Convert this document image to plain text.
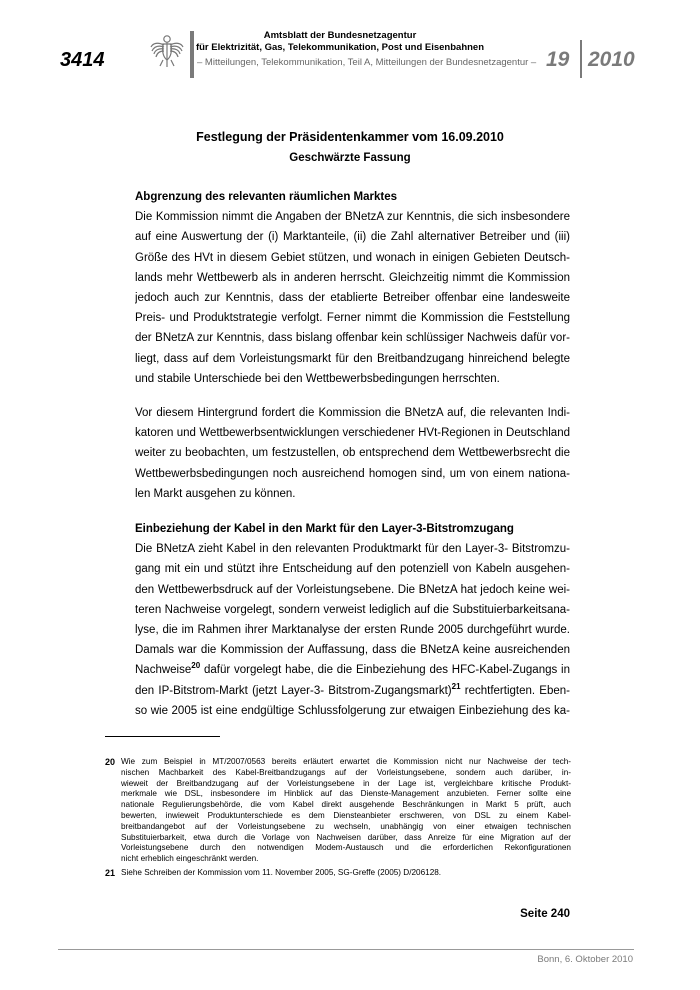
3414
Amtsblatt der Bundesnetzagentur
für Elektrizität, Gas, Telekommunikation, Post und Eisenbahnen
– Mitteilungen, Telekommunikation, Teil A, Mitteilungen der Bundesnetzagentur – 19 2010
Festlegung der Präsidentenkammer vom 16.09.2010
Geschwärzte Fassung
Abgrenzung des relevanten räumlichen Marktes
Die Kommission nimmt die Angaben der BNetzA zur Kenntnis, die sich insbesondere
auf eine Auswertung der (i) Marktanteile, (ii) die Zahl alternativer Betreiber und (iii)
Größe des HVt in diesem Gebiet stützen, und wonach in einigen Gebieten Deutsch-
lands mehr Wettbewerb als in anderen herrscht. Gleichzeitig nimmt die Kommission
jedoch auch zur Kenntnis, dass der etablierte Betreiber offenbar eine landesweite
Preis- und Produktstrategie verfolgt. Ferner nimmt die Kommission die Feststellung
der BNetzA zur Kenntnis, dass bislang offenbar kein schlüssiger Nachweis dafür vor-
liegt, dass auf dem Vorleistungsmarkt für den Breitbandzugang hinreichend belegte
und stabile Unterschiede bei den Wettbewerbsbedingungen herrschten.
Vor diesem Hintergrund fordert die Kommission die BNetzA auf, die relevanten Indi-
katoren und Wettbewerbsentwicklungen verschiedener HVt-Regionen in Deutschland
weiter zu beobachten, um festzustellen, ob entsprechend dem Wettbewerbsrecht die
Wettbewerbsbedingungen noch ausreichend homogen sind, um von einem nationa-
len Markt ausgehen zu können.
Einbeziehung der Kabel in den Markt für den Layer-3-Bitstromzugang
Die BNetzA zieht Kabel in den relevanten Produktmarkt für den Layer-3- Bitstromzu-
gang mit ein und stützt ihre Entscheidung auf den potenziell von Kabeln ausgehen-
den Wettbewerbsdruck auf der Vorleistungsebene. Die BNetzA hat jedoch keine wei-
teren Nachweise vorgelegt, sondern verweist lediglich auf die Substituierbarkeitsana-
lyse, die im Rahmen ihrer Marktanalyse der ersten Runde 2005 durchgeführt wurde.
Damals war die Kommission der Auffassung, dass die BNetzA keine ausreichenden
Nachweise$^{20}$ dafür vorgelegt habe, die die Einbeziehung des HFC-Kabel-Zugangs in
den IP-Bitstrom-Markt (jetzt Layer-3- Bitstrom-Zugangsmarkt)$^{21}$ rechtfertigten. Eben-
so wie 2005 ist eine endgültige Schlussfolgerung zur etwaigen Einbeziehung des ka-
20 Wie zum Beispiel in MT/2007/0563 bereits erläutert erwartet die Kommission nicht nur Nachweise der tech-
nischen Machbarkeit des Kabel-Breitbandzugangs auf der Vorleistungsebene, sondern auch darüber, in-
wieweit der Breitbandzugang auf der Vorleistungsebene in der Lage ist, vergleichbare kritische Produkt-
merkmale wie DSL, insbesondere im Hinblick auf das Dienste-Management anzubieten. Ferner sollte eine
nationale Regulierungsbehörde, die vom Kabel direkt ausgehende Beschränkungen in Markt 5 prüft, auch
bewerten, inwieweit Produktunterschiede es dem Diensteanbieter erschweren, von DSL zu einem Kabel-
breitbandangebot auf der Vorleistungsebene zu wechseln, unabhängig von einer etwaigen technischen
Substituierbarkeit, etwa durch die Vorlage von Nachweisen darüber, dass Anreize für eine Migration auf der
Vorleistungsebene durch den notwendigen Modem-Austausch und die erforderlichen Rekonfigurationen
nicht erheblich eingeschränkt werden.
21 Siehe Schreiben der Kommission vom 11. November 2005, SG-Greffe (2005) D/206128.
Seite 240
Bonn, 6. Oktober 2010
